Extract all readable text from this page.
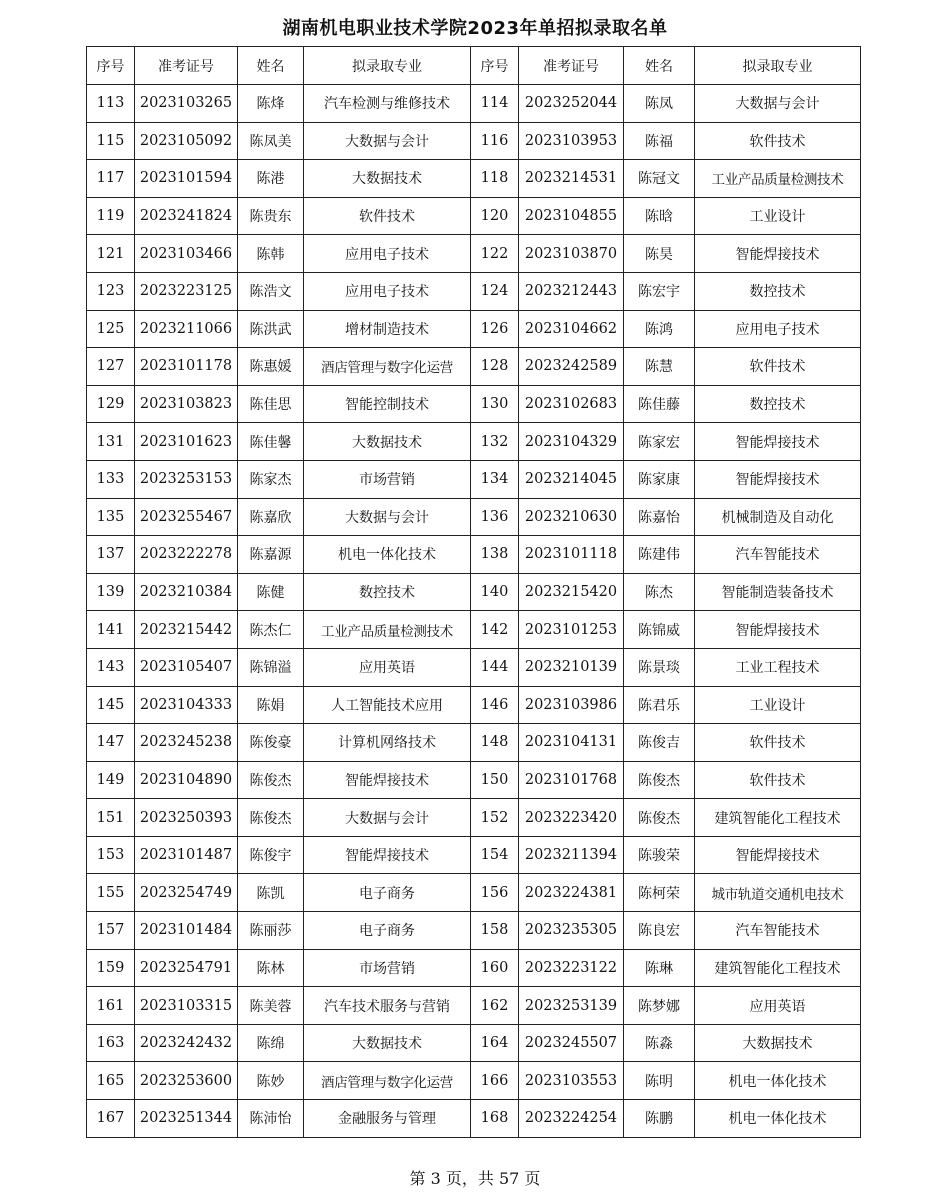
湖南机电职业技术学院2023年单招拟录取名单
序号	准考证号	姓名	拟录取专业	序号	准考证号	姓名	拟录取专业
113	2023103265	陈烽	汽车检测与维修技术	114	2023252044	陈凤	大数据与会计
115	2023105092	陈凤美	大数据与会计	116	2023103953	陈福	软件技术
117	2023101594	陈港	大数据技术	118	2023214531	陈冠文	工业产品质量检测技术
119	2023241824	陈贵东	软件技术	120	2023104855	陈晗	工业设计
121	2023103466	陈韩	应用电子技术	122	2023103870	陈昊	智能焊接技术
123	2023223125	陈浩文	应用电子技术	124	2023212443	陈宏宇	数控技术
125	2023211066	陈洪武	增材制造技术	126	2023104662	陈鸿	应用电子技术
127	2023101178	陈惠媛	酒店管理与数字化运营	128	2023242589	陈慧	软件技术
129	2023103823	陈佳思	智能控制技术	130	2023102683	陈佳藤	数控技术
131	2023101623	陈佳馨	大数据技术	132	2023104329	陈家宏	智能焊接技术
133	2023253153	陈家杰	市场营销	134	2023214045	陈家康	智能焊接技术
135	2023255467	陈嘉欣	大数据与会计	136	2023210630	陈嘉怡	机械制造及自动化
137	2023222278	陈嘉源	机电一体化技术	138	2023101118	陈建伟	汽车智能技术
139	2023210384	陈健	数控技术	140	2023215420	陈杰	智能制造装备技术
141	2023215442	陈杰仁	工业产品质量检测技术	142	2023101253	陈锦威	智能焊接技术
143	2023105407	陈锦溢	应用英语	144	2023210139	陈景琰	工业工程技术
145	2023104333	陈娟	人工智能技术应用	146	2023103986	陈君乐	工业设计
147	2023245238	陈俊豪	计算机网络技术	148	2023104131	陈俊吉	软件技术
149	2023104890	陈俊杰	智能焊接技术	150	2023101768	陈俊杰	软件技术
151	2023250393	陈俊杰	大数据与会计	152	2023223420	陈俊杰	建筑智能化工程技术
153	2023101487	陈俊宇	智能焊接技术	154	2023211394	陈骏荣	智能焊接技术
155	2023254749	陈凯	电子商务	156	2023224381	陈柯荣	城市轨道交通机电技术
157	2023101484	陈丽莎	电子商务	158	2023235305	陈良宏	汽车智能技术
159	2023254791	陈林	市场营销	160	2023223122	陈琳	建筑智能化工程技术
161	2023103315	陈美蓉	汽车技术服务与营销	162	2023253139	陈梦娜	应用英语
163	2023242432	陈绵	大数据技术	164	2023245507	陈淼	大数据技术
165	2023253600	陈妙	酒店管理与数字化运营	166	2023103553	陈明	机电一体化技术
167	2023251344	陈沛怡	金融服务与管理	168	2023224254	陈鹏	机电一体化技术
第 3 页，共 57 页
